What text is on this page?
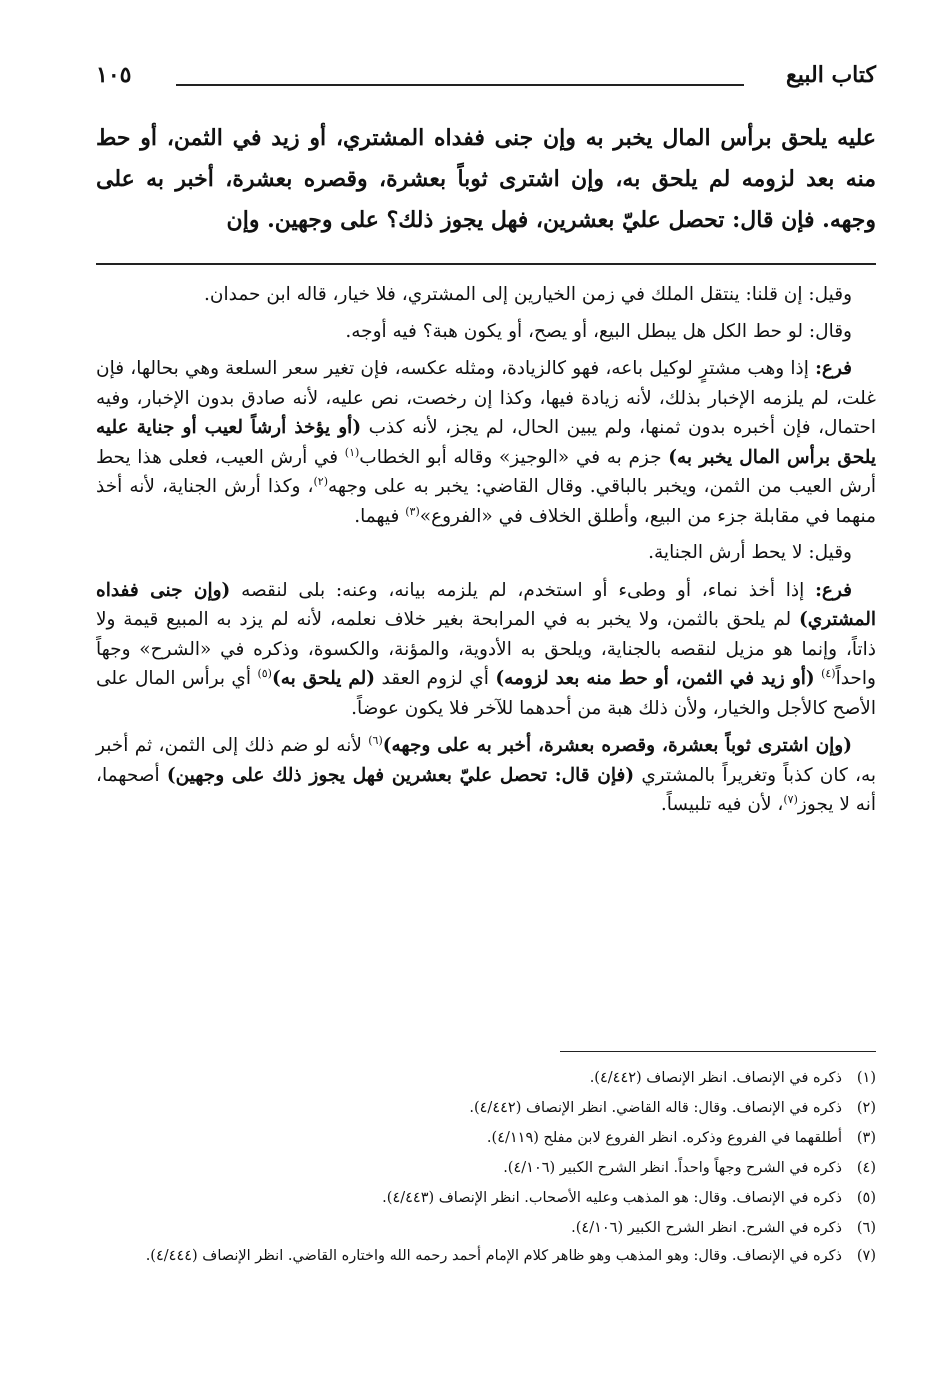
كتاب البيع
١٠٥
عليه يلحق برأس المال يخبر به وإن جنى ففداه المشتري، أو زيد في الثمن، أو حط منه بعد لزومه لم يلحق به، وإن اشترى ثوباً بعشرة، وقصره بعشرة، أخبر به على وجهه. فإن قال: تحصل عليّ بعشرين، فهل يجوز ذلك؟ على وجهين. وإن

وقيل: إن قلنا: ينتقل الملك في زمن الخيارين إلى المشتري، فلا خيار، قاله ابن حمدان.

وقال: لو حط الكل هل يبطل البيع، أو يصح، أو يكون هبة؟ فيه أوجه.

فرع: إذا وهب مشترٍ لوكيل باعه، فهو كالزيادة، ومثله عكسه، فإن تغير سعر السلعة وهي بحالها، فإن غلت، لم يلزمه الإخبار بذلك، لأنه زيادة فيها، وكذا إن رخصت، نص عليه، لأنه صادق بدون الإخبار، وفيه احتمال، فإن أخبره بدون ثمنها، ولم يبين الحال، لم يجز، لأنه كذب (أو يؤخذ أرشاً لعيب أو جناية عليه يلحق برأس المال يخبر به) جزم به في «الوجيز» وقاله أبو الخطاب$^{(١)}$ في أرش العيب، فعلى هذا يحط أرش العيب من الثمن، ويخبر بالباقي. وقال القاضي: يخبر به على وجهه$^{(٢)}$، وكذا أرش الجناية، لأنه أخذ منهما في مقابلة جزء من البيع، وأطلق الخلاف في «الفروع»$^{(٣)}$ فيهما.

وقيل: لا يحط أرش الجناية.

فرع: إذا أخذ نماء، أو وطىء أو استخدم، لم يلزمه بيانه، وعنه: بلى لنقصه (وإن جنى ففداه المشتري) لم يلحق بالثمن، ولا يخبر به في المرابحة بغير خلاف نعلمه، لأنه لم يزد به المبيع قيمة ولا ذاتاً، وإنما هو مزيل لنقصه بالجناية، ويلحق به الأدوية، والمؤنة، والكسوة، وذكره في «الشرح» وجهاً واحداً$^{(٤)}$ (أو زيد في الثمن، أو حط منه بعد لزومه) أي لزوم العقد (لم يلحق به)$^{(٥)}$ أي برأس المال على الأصح كالأجل والخيار، ولأن ذلك هبة من أحدهما للآخر فلا يكون عوضاً.

(وإن اشترى ثوباً بعشرة، وقصره بعشرة، أخبر به على وجهه)$^{(٦)}$ لأنه لو ضم ذلك إلى الثمن، ثم أخبر به، كان كذباً وتغريراً بالمشتري (فإن قال: تحصل عليّ بعشرين فهل يجوز ذلك على وجهين) أصحهما، أنه لا يجوز$^{(٧)}$، لأن فيه تلبيساً.

(١)
ذكره في الإنصاف. انظر الإنصاف (٤/٤٤٢).
(٢)
ذكره في الإنصاف. وقال: قاله القاضي. انظر الإنصاف (٤/٤٤٢).
(٣)
أطلقهما في الفروع وذكره. انظر الفروع لابن مفلح (٤/١١٩).
(٤)
ذكره في الشرح وجهاً واحداً. انظر الشرح الكبير (٤/١٠٦).
(٥)
ذكره في الإنصاف. وقال: هو المذهب وعليه الأصحاب. انظر الإنصاف (٤/٤٤٣).
(٦)
ذكره في الشرح. انظر الشرح الكبير (٤/١٠٦).
(٧)
ذكره في الإنصاف. وقال: وهو المذهب وهو ظاهر كلام الإمام أحمد رحمه الله واختاره القاضي. انظر الإنصاف (٤/٤٤٤).
